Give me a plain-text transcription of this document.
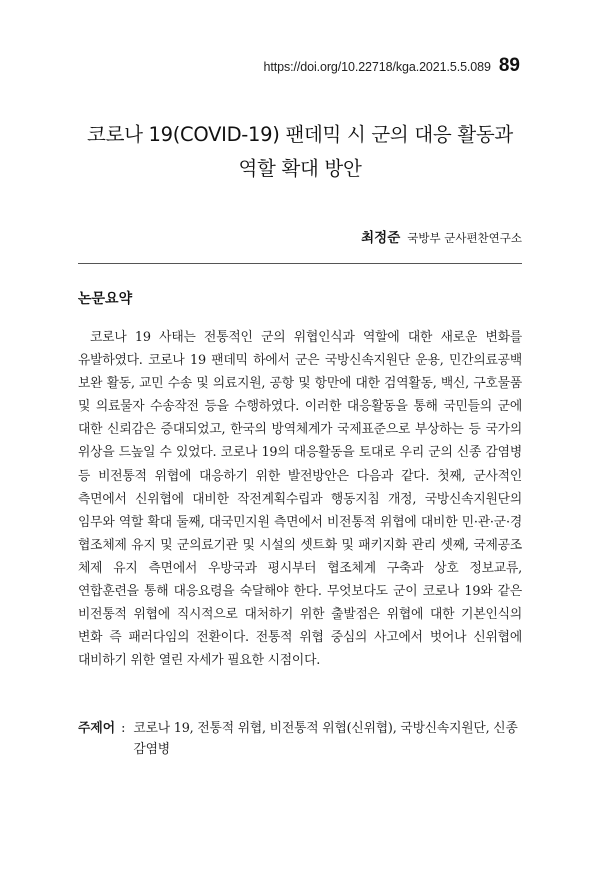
https://doi.org/10.22718/kga.2021.5.5.089 89
코로나 19(COVID-19) 팬데믹 시 군의 대응 활동과
역할 확대 방안
최정준 국방부 군사편찬연구소
논문요약

코로나 19 사태는 전통적인 군의 위협인식과 역할에 대한 새로운 변화를 유발하였다. 코로나 19 팬데믹 하에서 군은 국방신속지원단 운용, 민간의료공백 보완 활동, 교민 수송 및 의료지원, 공항 및 항만에 대한 검역활동, 백신, 구호물품 및 의료물자 수송작전 등을 수행하였다. 이러한 대응활동을 통해 국민들의 군에 대한 신뢰감은 증대되었고, 한국의 방역체계가 국제표준으로 부상하는 등 국가의 위상을 드높일 수 있었다. 코로나 19의 대응활동을 토대로 우리 군의 신종 감염병 등 비전통적 위협에 대응하기 위한 발전방안은 다음과 같다. 첫째, 군사적인 측면에서 신위협에 대비한 작전계획수립과 행동지침 개정, 국방신속지원단의 임무와 역할 확대 둘째, 대국민지원 측면에서 비전통적 위협에 대비한 민·관·군·경 협조체제 유지 및 군의료기관 및 시설의 셋트화 및 패키지화 관리 셋째, 국제공조 체제 유지 측면에서 우방국과 평시부터 협조체계 구축과 상호 정보교류, 연합훈련을 통해 대응요령을 숙달해야 한다. 무엇보다도 군이 코로나 19와 같은 비전통적 위협에 직시적으로 대처하기 위한 출발점은 위협에 대한 기본인식의 변화 즉 패러다임의 전환이다. 전통적 위협 중심의 사고에서 벗어나 신위협에 대비하기 위한 열린 자세가 필요한 시점이다.

주제어 : 코로나 19, 전통적 위협, 비전통적 위협(신위협), 국방신속지원단, 신종 감염병
